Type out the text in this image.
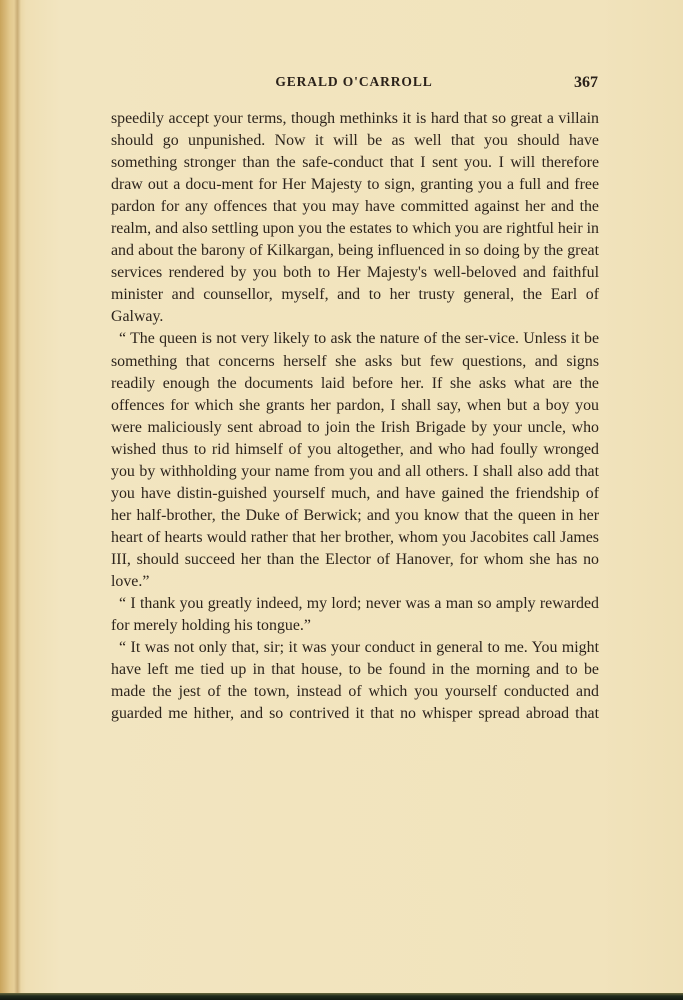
GERALD O'CARROLL	367

speedily accept your terms, though methinks it is hard that so great a villain should go unpunished. Now it will be as well that you should have something stronger than the safe-conduct that I sent you. I will therefore draw out a docu-ment for Her Majesty to sign, granting you a full and free pardon for any offences that you may have committed against her and the realm, and also settling upon you the estates to which you are rightful heir in and about the barony of Kilkargan, being influenced in so doing by the great services rendered by you both to Her Majesty's well-beloved and faithful minister and counsellor, myself, and to her trusty general, the Earl of Galway.

“ The queen is not very likely to ask the nature of the ser-vice. Unless it be something that concerns herself she asks but few questions, and signs readily enough the documents laid before her. If she asks what are the offences for which she grants her pardon, I shall say, when but a boy you were maliciously sent abroad to join the Irish Brigade by your uncle, who wished thus to rid himself of you altogether, and who had foully wronged you by withholding your name from you and all others. I shall also add that you have distin-guished yourself much, and have gained the friendship of her half-brother, the Duke of Berwick; and you know that the queen in her heart of hearts would rather that her brother, whom you Jacobites call James III, should succeed her than the Elector of Hanover, for whom she has no love.”

“ I thank you greatly indeed, my lord; never was a man so amply rewarded for merely holding his tongue.”

“ It was not only that, sir; it was your conduct in general to me. You might have left me tied up in that house, to be found in the morning and to be made the jest of the town, instead of which you yourself conducted and guarded me hither, and so contrived it that no whisper spread abroad that
